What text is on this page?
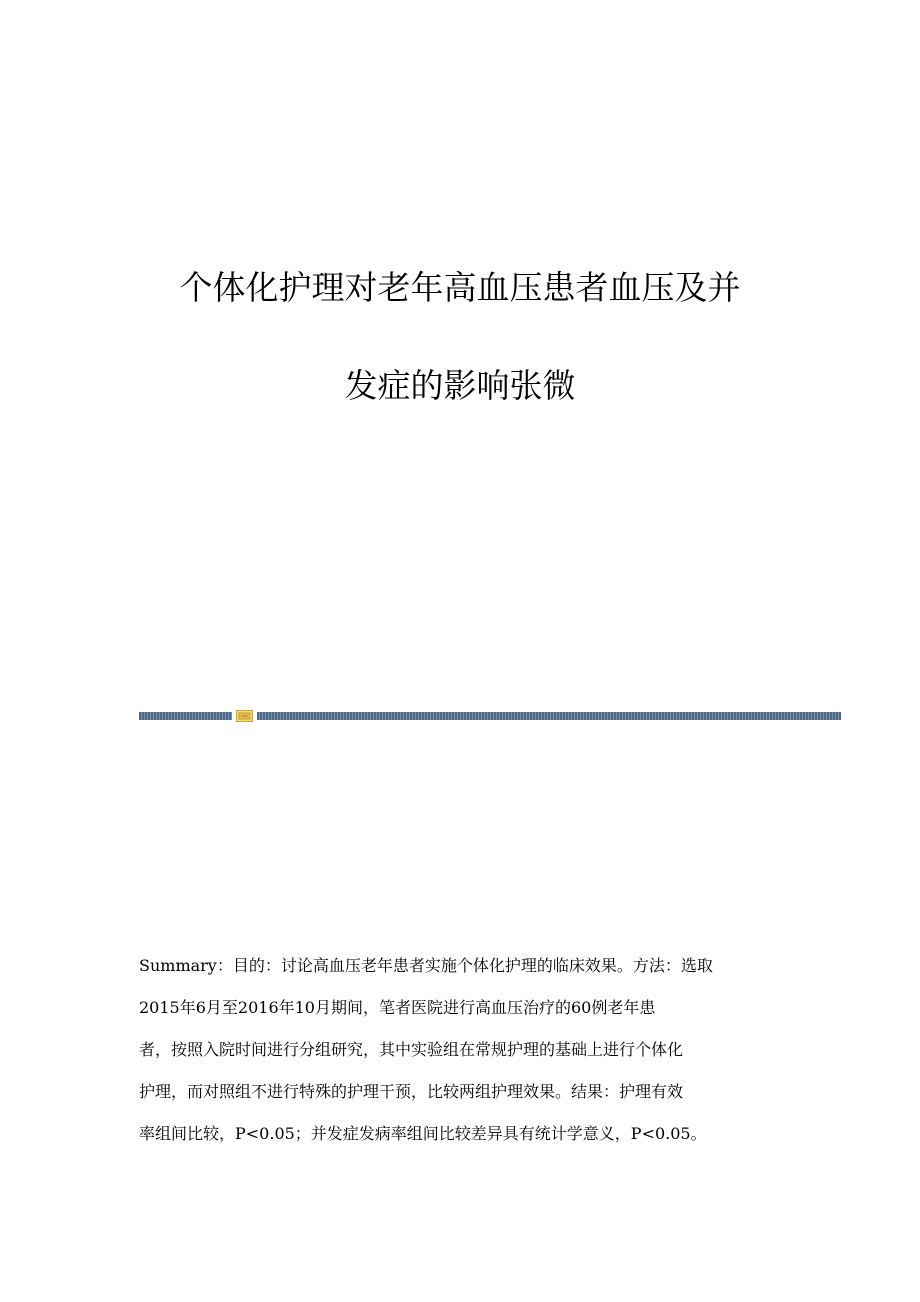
个体化护理对老年高血压患者血压及并
发症的影响张微
Summary：目的：讨论高血压老年患者实施个体化护理的临床效果。方法：选取
2015年6月至2016年10月期间，笔者医院进行高血压治疗的60例老年患
者，按照入院时间进行分组研究，其中实验组在常规护理的基础上进行个体化
护理，而对照组不进行特殊的护理干预，比较两组护理效果。结果：护理有效
率组间比较，P<0.05；并发症发病率组间比较差异具有统计学意义，P<0.05。
